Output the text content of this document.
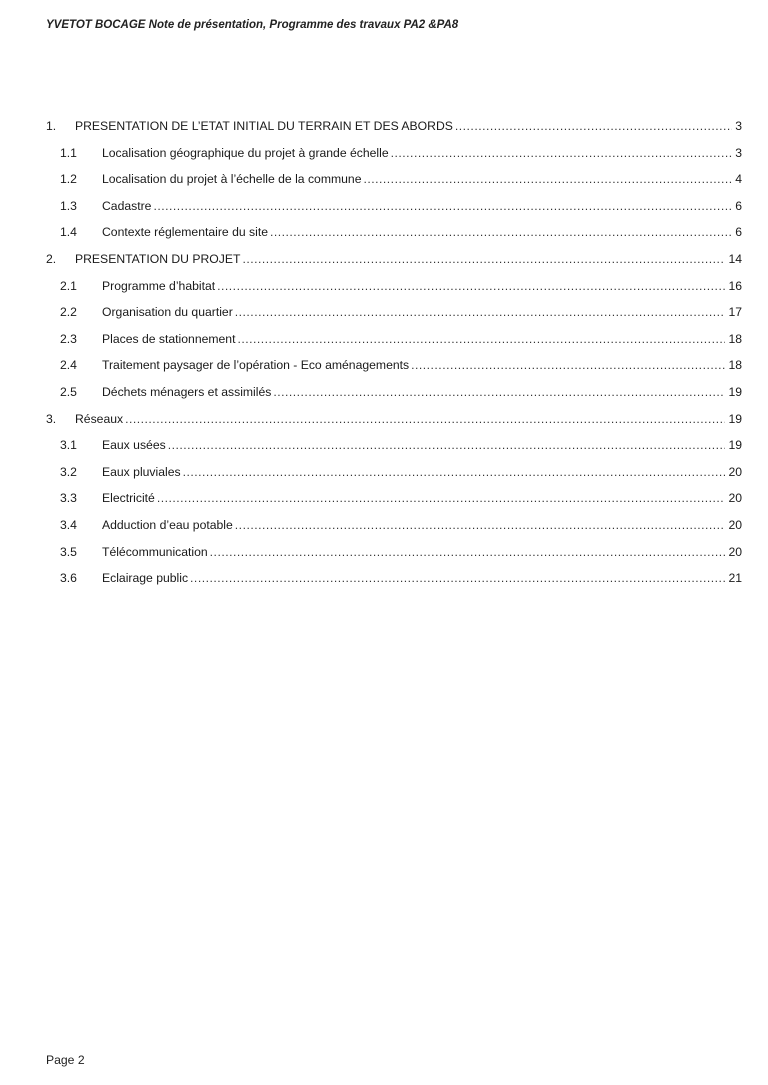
YVETOT BOCAGE Note de présentation, Programme des travaux PA2 &PA8
1.	PRESENTATION DE L’ETAT INITIAL DU TERRAIN ET DES ABORDS .....	3
1.1	Localisation géographique du projet à grande échelle .....	3
1.2	Localisation du projet à l’échelle de la commune .....	4
1.3	Cadastre .....	6
1.4	Contexte réglementaire du site .....	6
2.	PRESENTATION DU PROJET .....	14
2.1	Programme d’habitat .....	16
2.2	Organisation du quartier .....	17
2.3	Places de stationnement .....	18
2.4	Traitement paysager de l’opération - Eco aménagements .....	18
2.5	Déchets ménagers et assimilés .....	19
3.	Réseaux .....	19
3.1	Eaux usées .....	19
3.2	Eaux pluviales .....	20
3.3	Electricité .....	20
3.4	Adduction d’eau potable .....	20
3.5	Télécommunication .....	20
3.6	Eclairage public .....	21
Page 2
